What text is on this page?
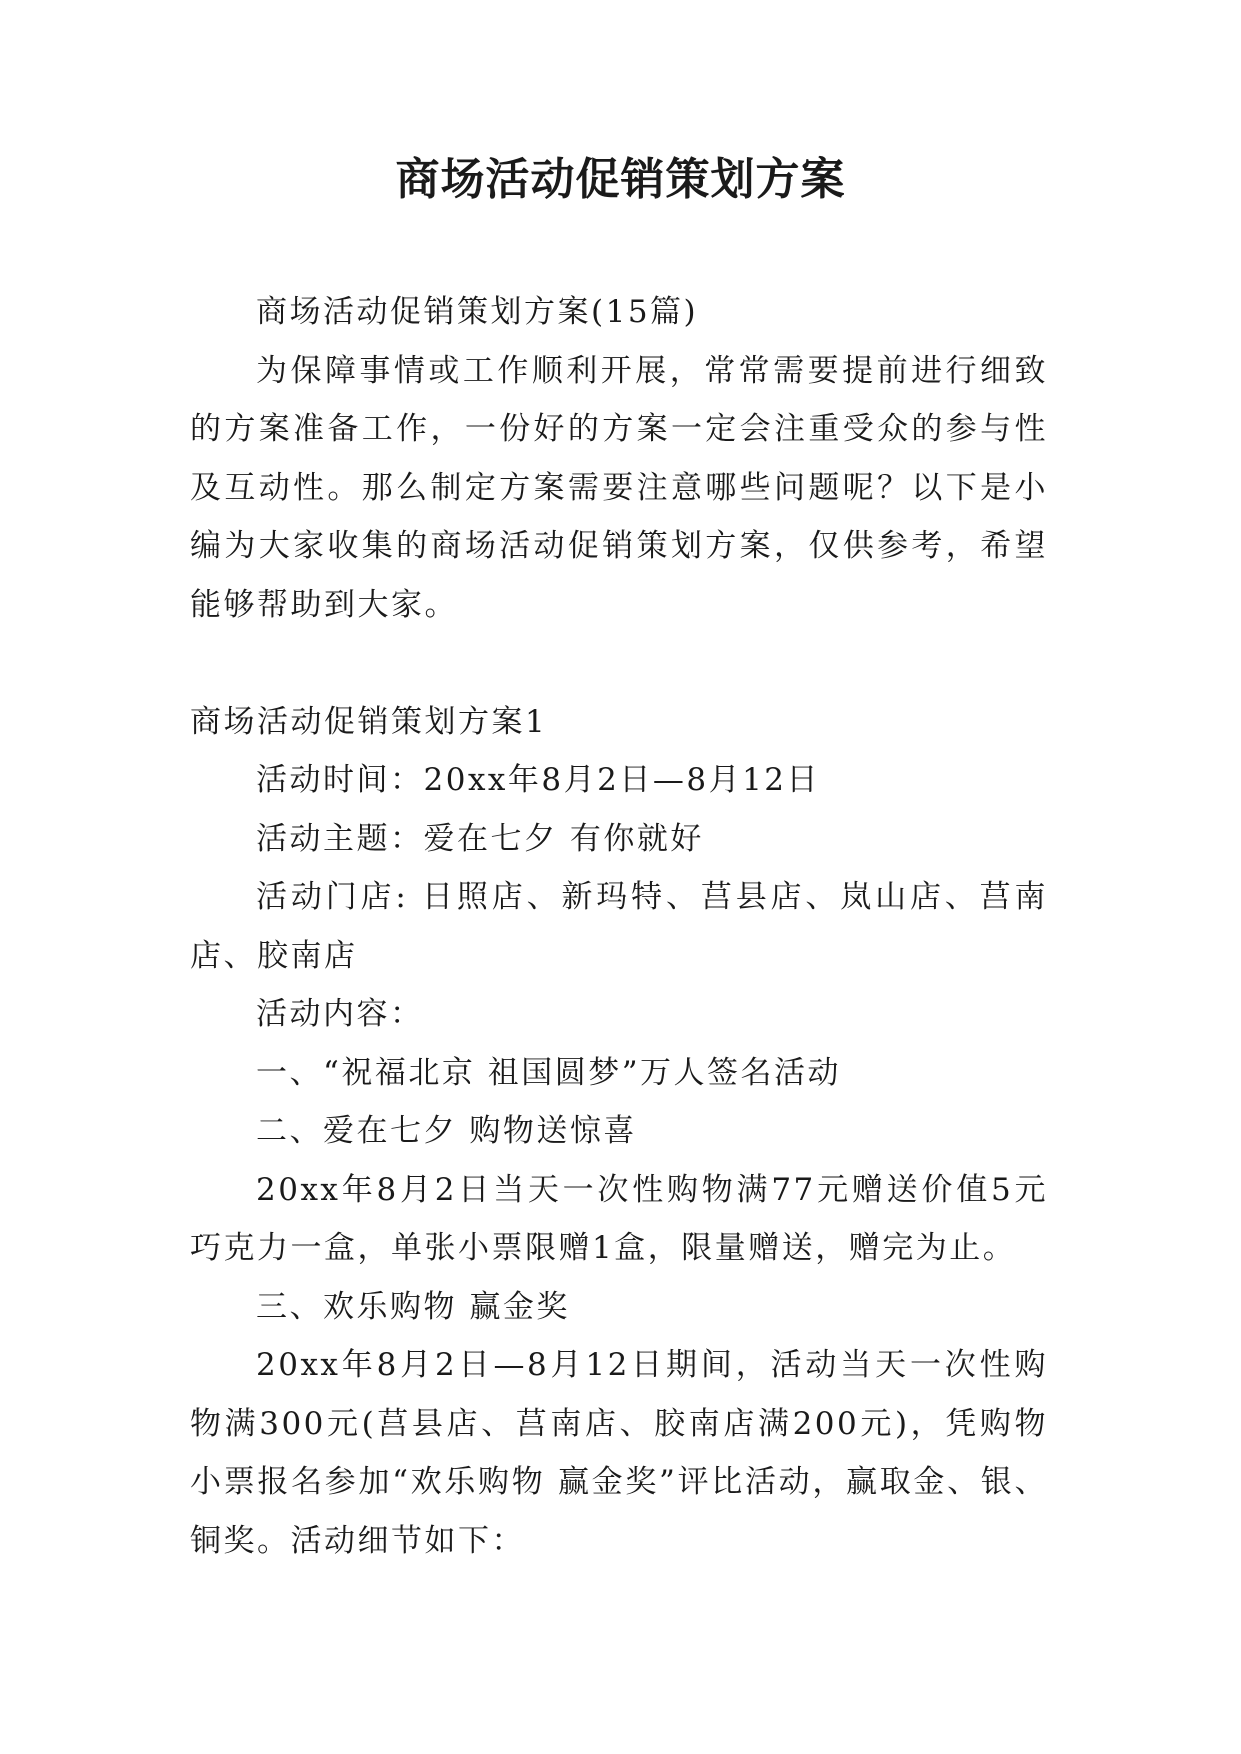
商场活动促销策划方案

商场活动促销策划方案(15篇)

为保障事情或工作顺利开展，常常需要提前进行细致的方案准备工作，一份好的方案一定会注重受众的参与性及互动性。那么制定方案需要注意哪些问题呢？以下是小编为大家收集的商场活动促销策划方案，仅供参考，希望能够帮助到大家。

商场活动促销策划方案1

活动时间：20xx年8月2日—8月12日

活动主题：爱在七夕 有你就好

活动门店: 日照店、新玛特、莒县店、岚山店、莒南店、胶南店

活动内容：

一、“祝福北京 祖国圆梦”万人签名活动

二、爱在七夕 购物送惊喜

20xx年8月2日当天一次性购物满77元赠送价值5元巧克力一盒，单张小票限赠1盒，限量赠送，赠完为止。

三、欢乐购物 赢金奖

20xx年8月2日—8月12日期间，活动当天一次性购物满300元(莒县店、莒南店、胶南店满200元)，凭购物小票报名参加“欢乐购物 赢金奖”评比活动，赢取金、银、铜奖。活动细节如下：
